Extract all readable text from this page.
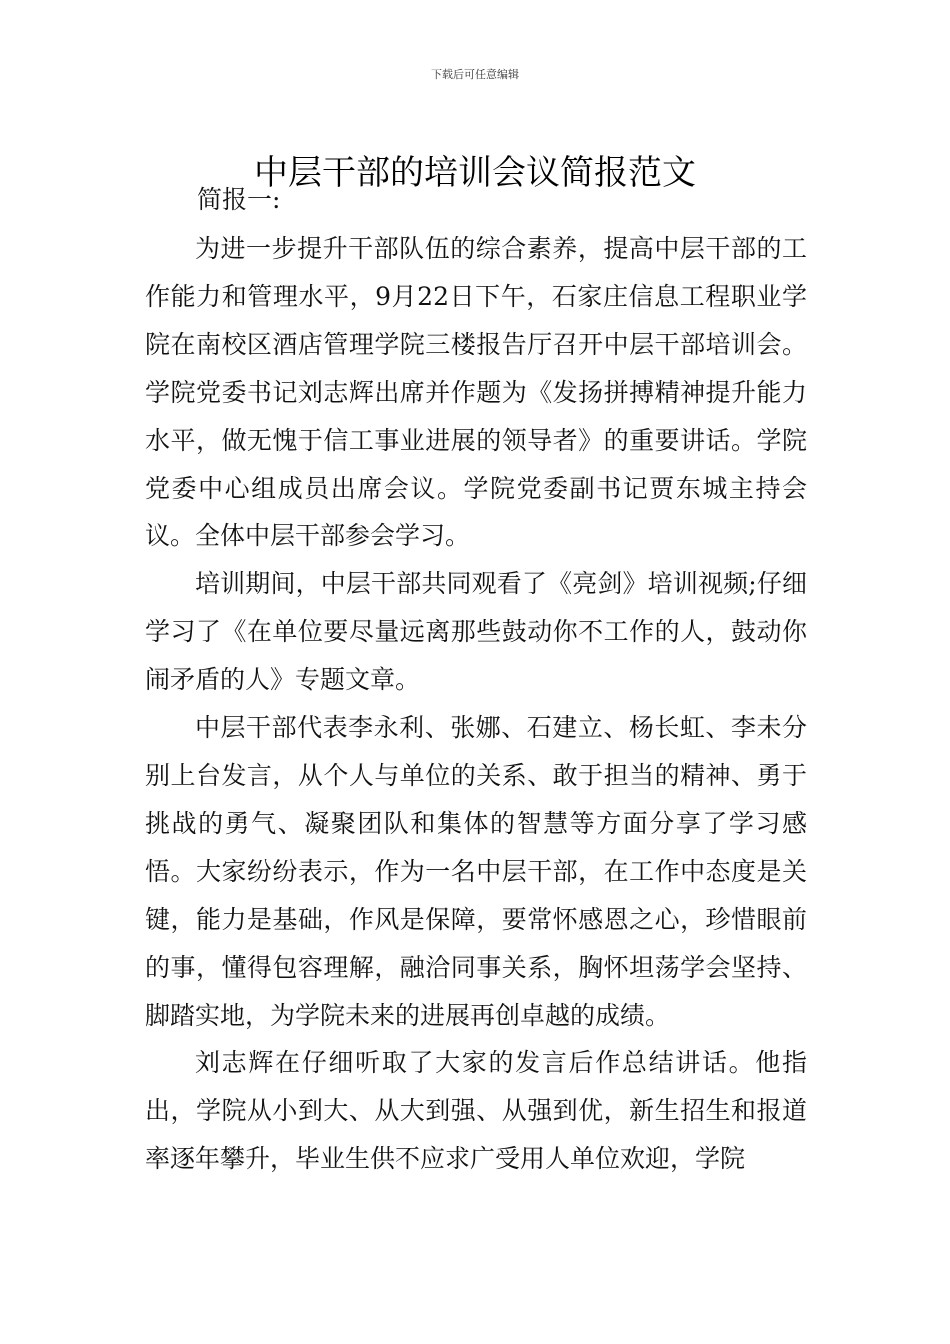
下载后可任意编辑
中层干部的培训会议简报范文
简报一:

为进一步提升干部队伍的综合素养，提高中层干部的工作能力和管理水平，9月22日下午，石家庄信息工程职业学院在南校区酒店管理学院三楼报告厅召开中层干部培训会。学院党委书记刘志辉出席并作题为《发扬拼搏精神提升能力水平，做无愧于信工事业进展的领导者》的重要讲话。学院党委中心组成员出席会议。学院党委副书记贾东城主持会议。全体中层干部参会学习。

培训期间，中层干部共同观看了《亮剑》培训视频;仔细学习了《在单位要尽量远离那些鼓动你不工作的人，鼓动你闹矛盾的人》专题文章。

中层干部代表李永利、张娜、石建立、杨长虹、李未分别上台发言，从个人与单位的关系、敢于担当的精神、勇于挑战的勇气、凝聚团队和集体的智慧等方面分享了学习感悟。大家纷纷表示，作为一名中层干部，在工作中态度是关键，能力是基础，作风是保障，要常怀感恩之心，珍惜眼前的事，懂得包容理解，融洽同事关系，胸怀坦荡学会坚持、脚踏实地，为学院未来的进展再创卓越的成绩。

刘志辉在仔细听取了大家的发言后作总结讲话。他指出，学院从小到大、从大到强、从强到优，新生招生和报道率逐年攀升，毕业生供不应求广受用人单位欢迎，学院
